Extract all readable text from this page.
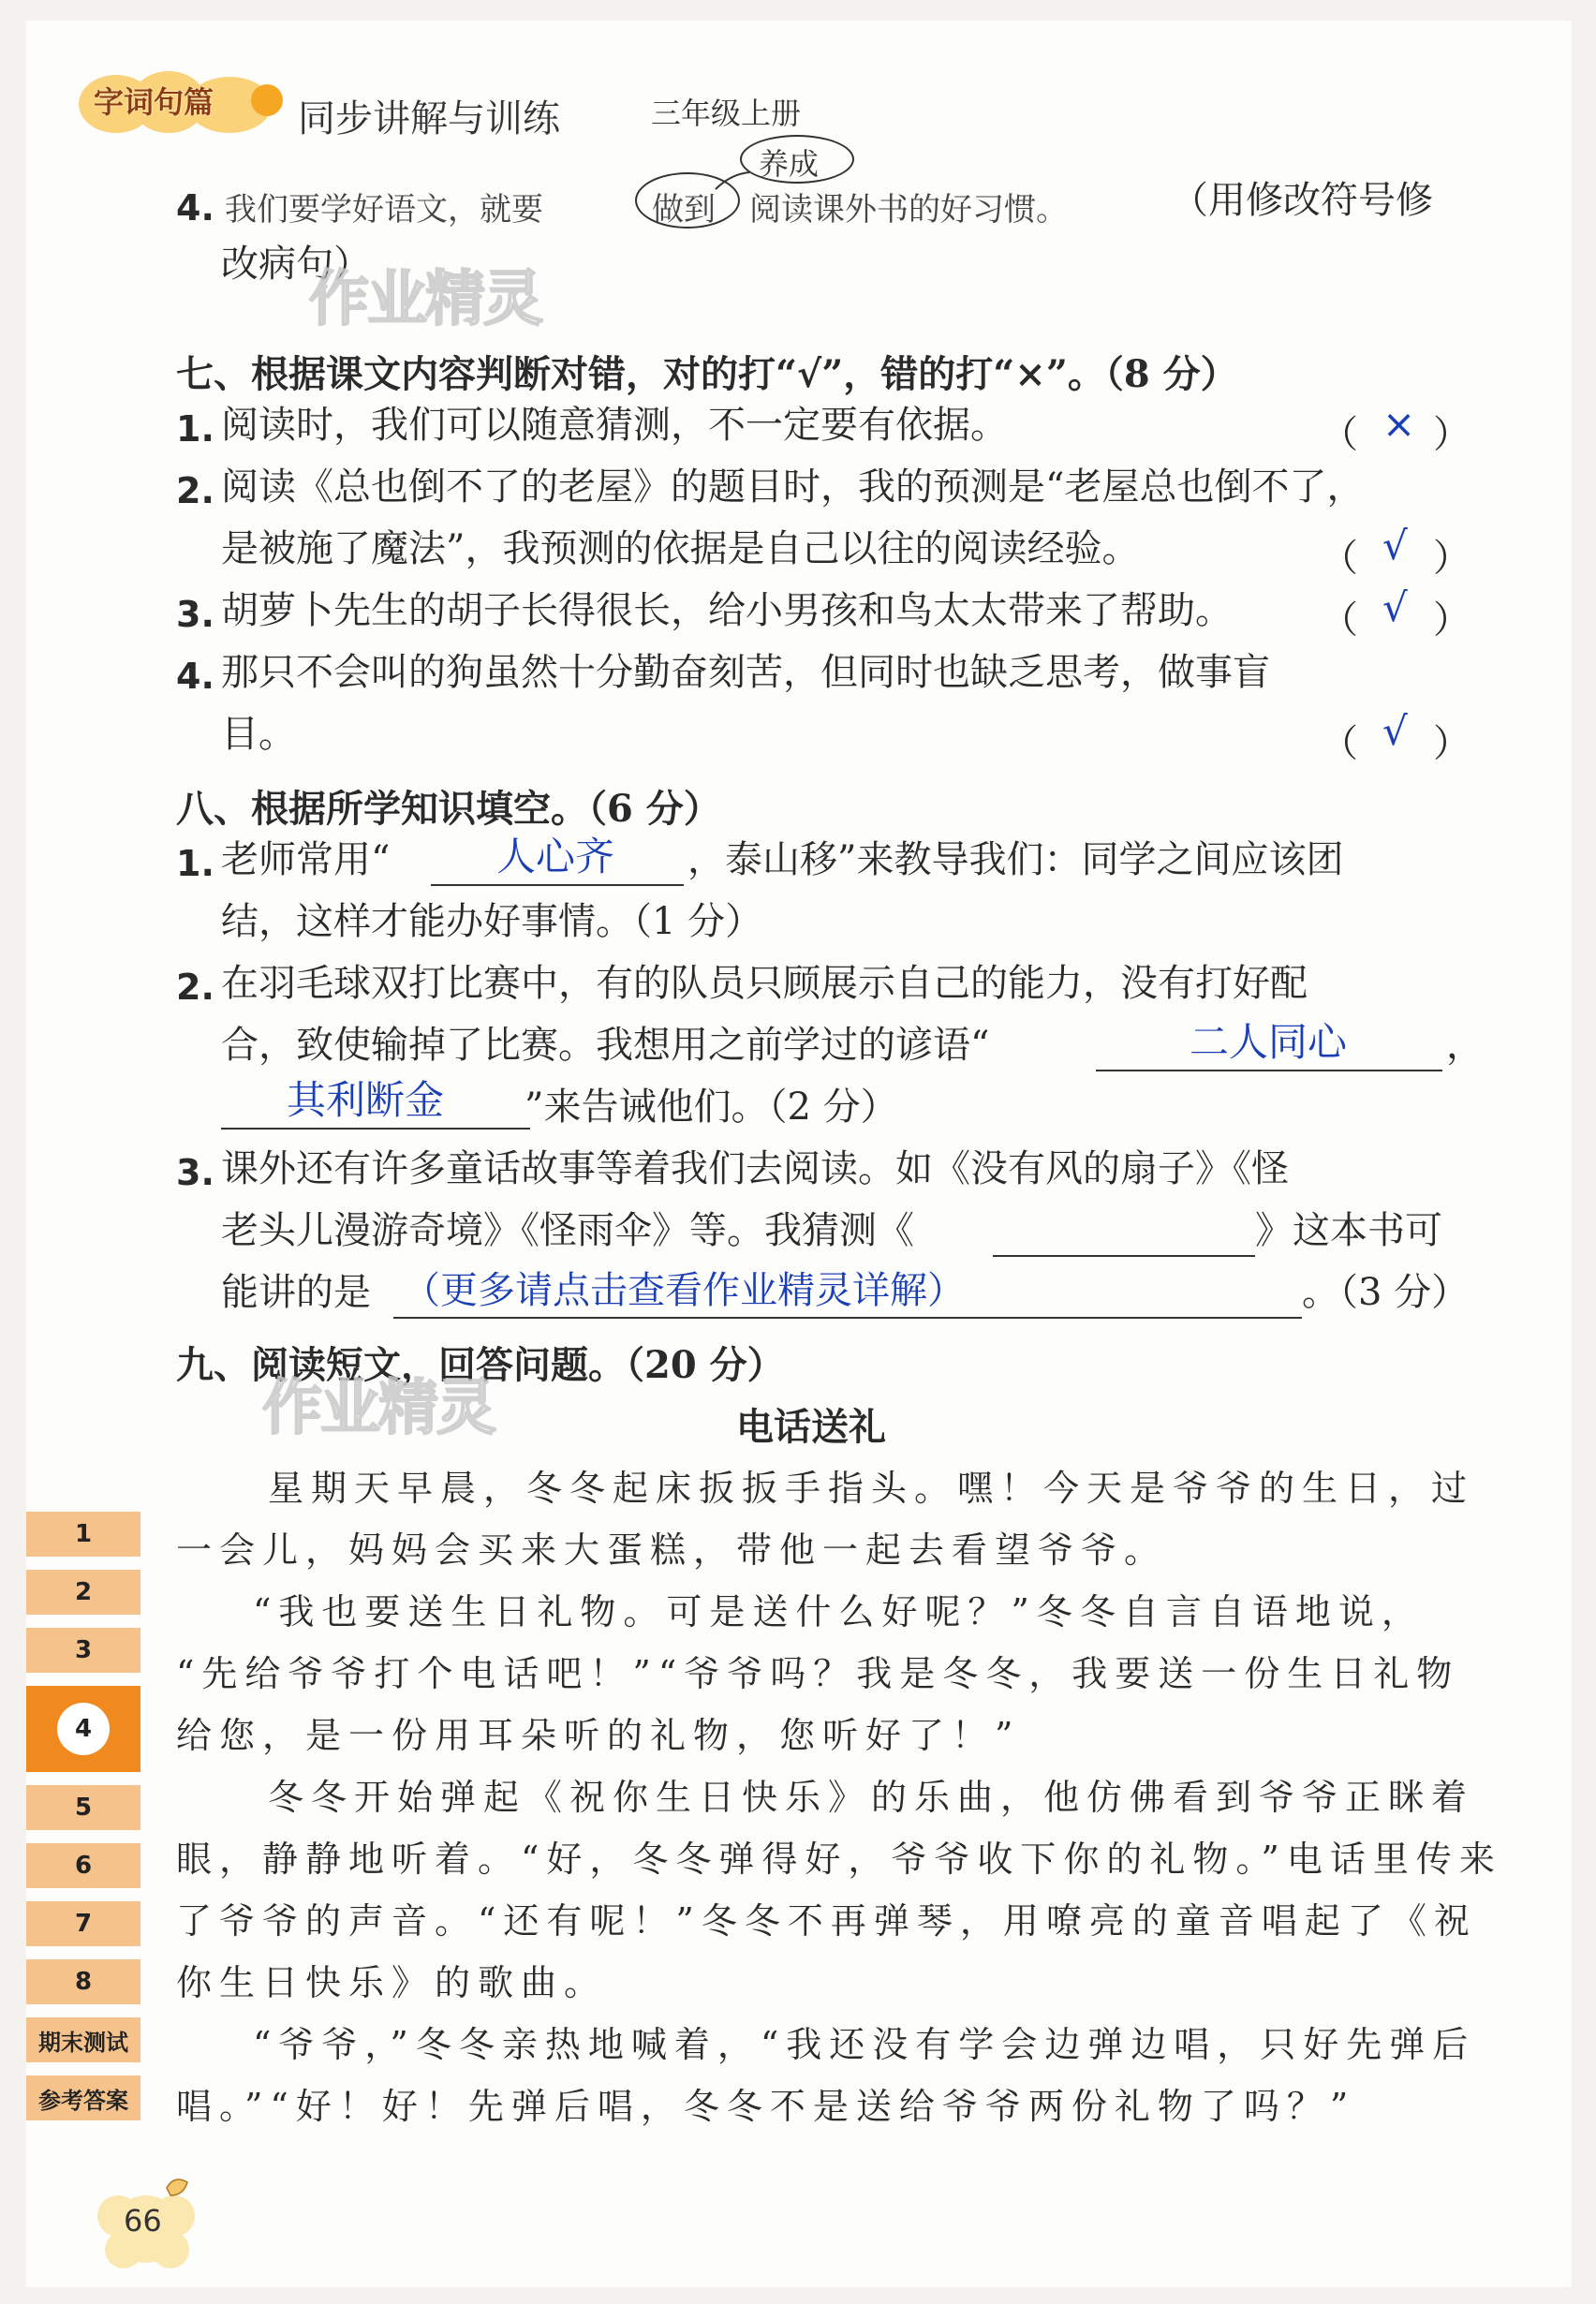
字词句篇 同步讲解与训练	三年级上册
4. 我们要学好语文，就要	做到
养成
阅读课外书的好习惯。	（用修改符号修
改病句）
作业精灵
七、根据课文内容判断对错，对的打“√”，错的打“×”。（8 分）
1. 阅读时，我们可以随意猜测，不一定要有依据。	（ × ）
2. 阅读《总也倒不了的老屋》的题目时，我的预测是“老屋总也倒不了，
是被施了魔法”，我预测的依据是自己以往的阅读经验。	（ √ ）
3. 胡萝卜先生的胡子长得很长，给小男孩和鸟太太带来了帮助。 （ √ ）
4. 那只不会叫的狗虽然十分勤奋刻苦，但同时也缺乏思考，做事盲
目。	（ √ ）
八、根据所学知识填空。（6 分）
1. 老师常用“	人心齐 ，泰山移”来教导我们：同学之间应该团
结，这样才能办好事情。（1 分）
2. 在羽毛球双打比赛中，有的队员只顾展示自己的能力，没有打好配
合，致使输掉了比赛。我想用之前学过的谚语“	二人同心	，
其利断金 ”来告诫他们。（2 分）
3. 课外还有许多童话故事等着我们去阅读。如《没有风的扇子》《怪
老头儿漫游奇境》《怪雨伞》等。我猜测《	》这本书可
能讲的是 （更多请点击查看作业精灵详解）	。（3 分）
九、阅读短文，回答问题。（20 分）
作业精灵	电话送礼
星期天早晨，冬冬起床扳扳手指头。嘿！今天是爷爷的生日，过
一会儿，妈妈会买来大蛋糕，带他一起去看望爷爷。
“我也要送生日礼物。可是送什么好呢？”冬冬自言自语地说，
“先给爷爷打个电话吧！”“爷爷吗？我是冬冬，我要送一份生日礼物
给您，是一份用耳朵听的礼物，您听好了！”
冬冬开始弹起《祝你生日快乐》的乐曲，他仿佛看到爷爷正眯着
眼，静静地听着。“好，冬冬弹得好，爷爷收下你的礼物。”电话里传来
了爷爷的声音。“还有呢！”冬冬不再弹琴，用嘹亮的童音唱起了《祝
你生日快乐》的歌曲。
“爷爷，”冬冬亲热地喊着，“我还没有学会边弹边唱，只好先弹后
唱。”“好！好！先弹后唱，冬冬不是送给爷爷两份礼物了吗？”
1
2
3
4
5
6
7
8
期末测试
参考答案
66
